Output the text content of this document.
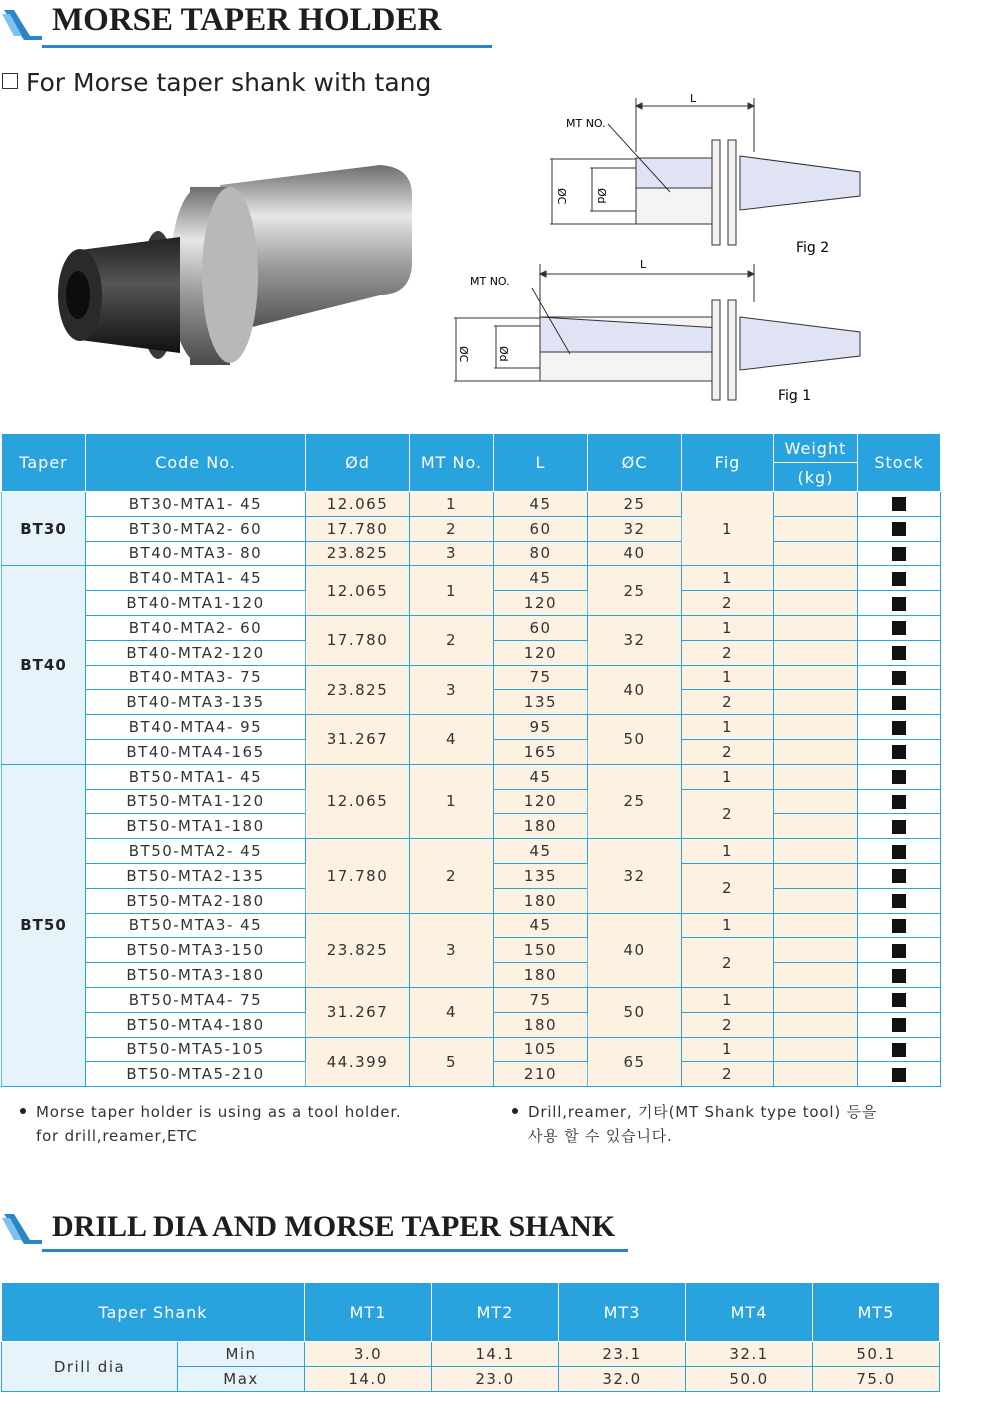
MORSE TAPER HOLDER
For Morse taper shank with tang
L
MT NO.
ØC Ød
Fig 2
L
MT NO.
ØC Ød
Fig 1
Taper	Code No.	Ød	MT No.	L	ØC	Fig	Weight	Stock
							(kg)	
BT30	BT30-MTA1- 45	12.065	1	45	25	1		
	BT30-MTA2- 60	17.780	2	60	32			
	BT40-MTA3- 80	23.825	3	80	40			
BT40	BT40-MTA1- 45	12.065	1	45	25	1		
	BT40-MTA1-120			120		2		
	BT40-MTA2- 60	17.780	2	60	32	1		
	BT40-MTA2-120			120		2		
	BT40-MTA3- 75	23.825	3	75	40	1		
	BT40-MTA3-135			135		2		
	BT40-MTA4- 95	31.267	4	95	50	1		
	BT40-MTA4-165			165		2		
BT50	BT50-MTA1- 45	12.065	1	45	25	1		
	BT50-MTA1-120			120		2		
	BT50-MTA1-180			180				
	BT50-MTA2- 45	17.780	2	45	32	1		
	BT50-MTA2-135			135		2		
	BT50-MTA2-180			180				
	BT50-MTA3- 45	23.825	3	45	40	1		
	BT50-MTA3-150			150		2		
	BT50-MTA3-180			180				
	BT50-MTA4- 75	31.267	4	75	50	1		
	BT50-MTA4-180			180		2		
	BT50-MTA5-105	44.399	5	105	65	1		
	BT50-MTA5-210			210		2		
Morse taper holder is using as a tool holder.
for drill,reamer,ETC
Drill,reamer, 기타(MT Shank type tool) 등을
사용 할 수 있습니다.
DRILL DIA AND MORSE TAPER SHANK
Taper Shank		MT1	MT2	MT3	MT4	MT5
Drill dia	Min	3.0	14.1	23.1	32.1	50.1
	Max	14.0	23.0	32.0	50.0	75.0
